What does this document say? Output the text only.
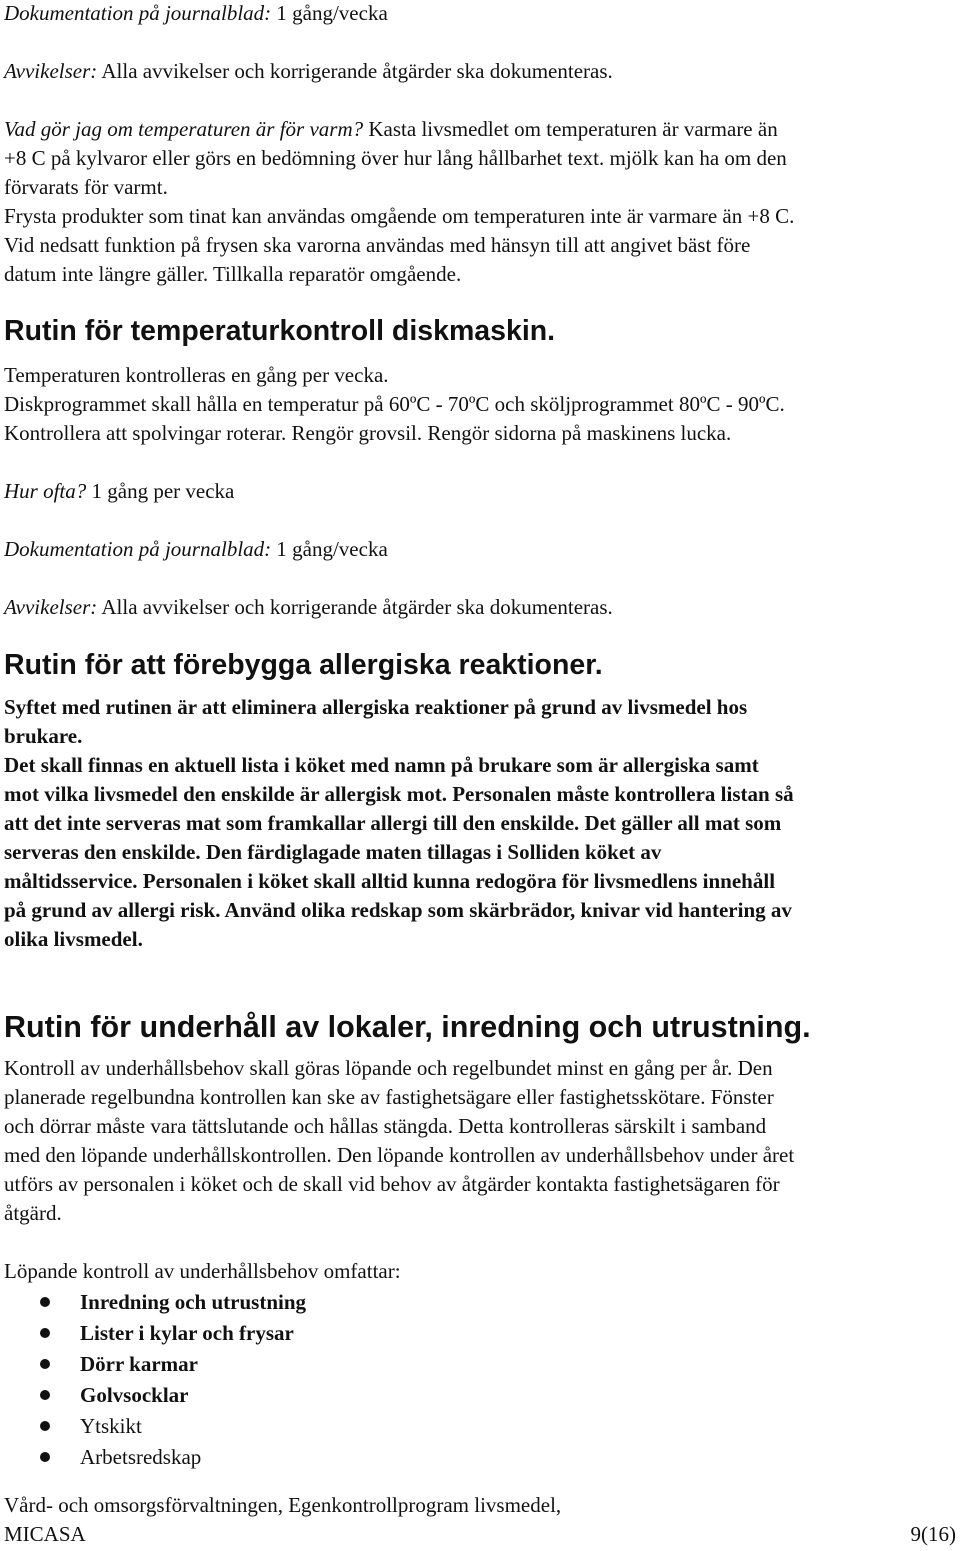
Dokumentation på journalblad: 1 gång/vecka

Avvikelser: Alla avvikelser och korrigerande åtgärder ska dokumenteras.

Vad gör jag om temperaturen är för varm? Kasta livsmedlet om temperaturen är varmare än

+8 C på kylvaror eller görs en bedömning över hur lång hållbarhet text. mjölk kan ha om den

förvarats för varmt.

Frysta produkter som tinat kan användas omgående om temperaturen inte är varmare än +8 C.

Vid nedsatt funktion på frysen ska varorna användas med hänsyn till att angivet bäst före

datum inte längre gäller. Tillkalla reparatör omgående.

Rutin för temperaturkontroll diskmaskin.

Temperaturen kontrolleras en gång per vecka.

Diskprogrammet skall hålla en temperatur på 60ºC - 70ºC och sköljprogrammet 80ºC - 90ºC.

Kontrollera att spolvingar roterar. Rengör grovsil. Rengör sidorna på maskinens lucka.

Hur ofta? 1 gång per vecka

Dokumentation på journalblad: 1 gång/vecka

Avvikelser: Alla avvikelser och korrigerande åtgärder ska dokumenteras.

Rutin för att förebygga allergiska reaktioner.

Syftet med rutinen är att eliminera allergiska reaktioner på grund av livsmedel hos

brukare.

Det skall finnas en aktuell lista i köket med namn på brukare som är allergiska samt

mot vilka livsmedel den enskilde är allergisk mot. Personalen måste kontrollera listan så

att det inte serveras mat som framkallar allergi till den enskilde. Det gäller all mat som

serveras den enskilde. Den färdiglagade maten tillagas i Solliden köket av

måltidsservice. Personalen i köket skall alltid kunna redogöra för livsmedlens innehåll

på grund av allergi risk. Använd olika redskap som skärbrädor, knivar vid hantering av

olika livsmedel.

Rutin för underhåll av lokaler, inredning och utrustning.

Kontroll av underhållsbehov skall göras löpande och regelbundet minst en gång per år. Den

planerade regelbundna kontrollen kan ske av fastighetsägare eller fastighetsskötare. Fönster

och dörrar måste vara tättslutande och hållas stängda. Detta kontrolleras särskilt i samband

med den löpande underhållskontrollen. Den löpande kontrollen av underhållsbehov under året

utförs av personalen i köket och de skall vid behov av åtgärder kontakta fastighetsägaren för

åtgärd.

Löpande kontroll av underhållsbehov omfattar:

Inredning och utrustning
Lister i kylar och frysar
Dörr karmar
Golvsocklar
Ytskikt
Arbetsredskap

Vård- och omsorgsförvaltningen, Egenkontrollprogram livsmedel,

MICASA	9(16)
